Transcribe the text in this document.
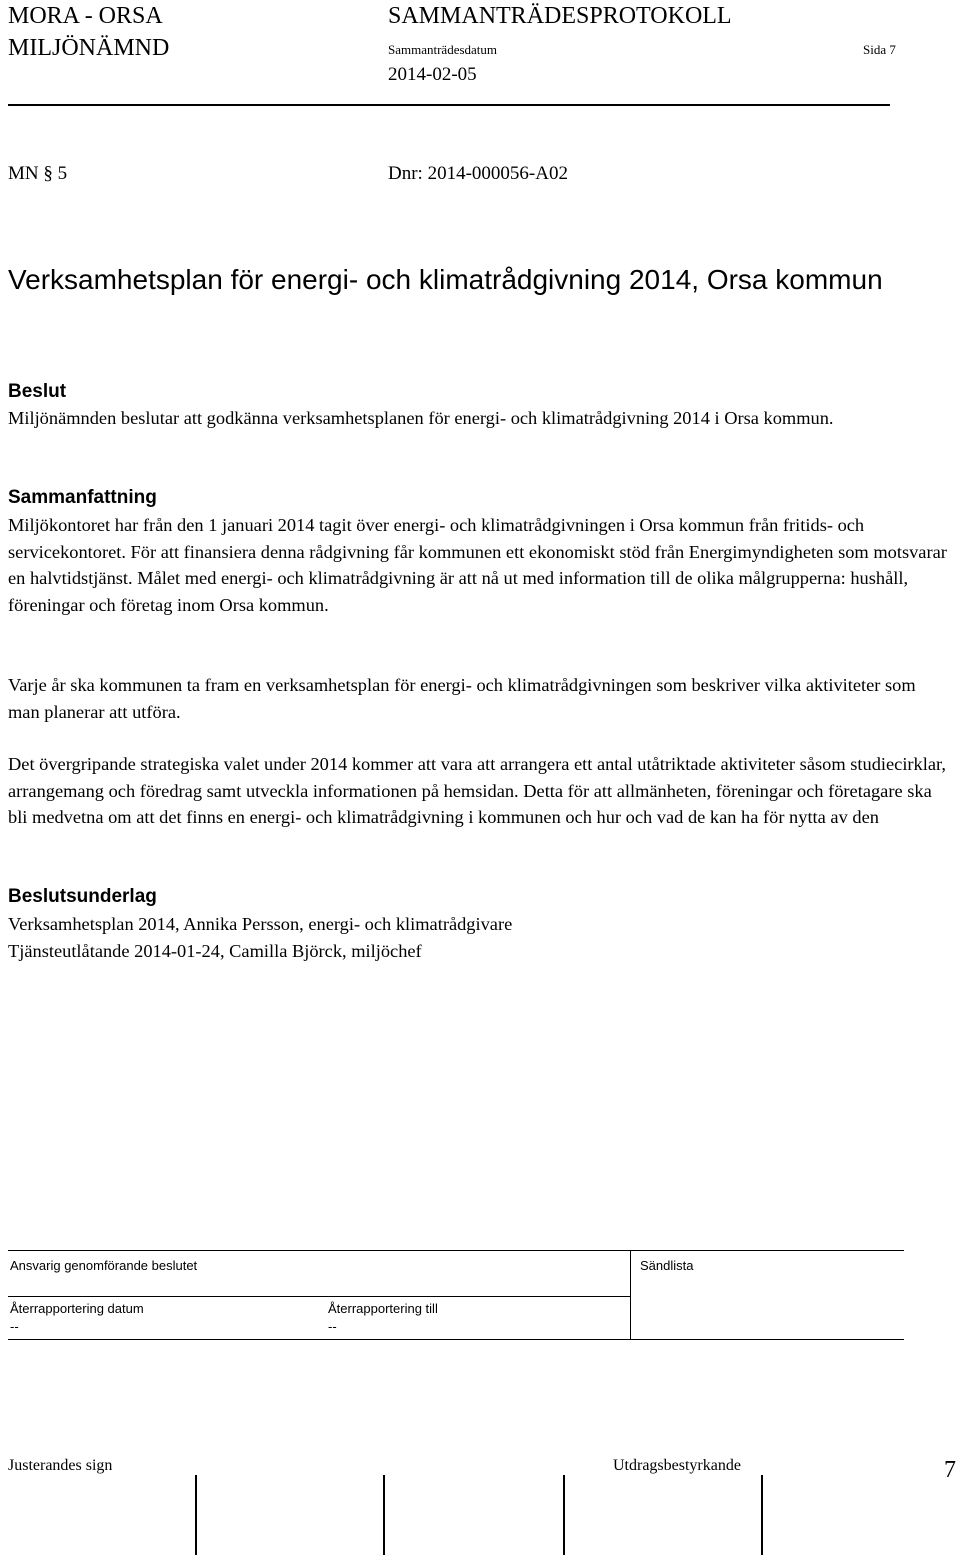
MORA - ORSA
MILJÖNÄMND
SAMMANTRÄDESPROTOKOLL
Sammanträdesdatum
2014-02-05
Sida 7
MN § 5	Dnr: 2014-000056-A02
Verksamhetsplan för energi- och klimatrådgivning 2014, Orsa kommun
Beslut
Miljönämnden beslutar att godkänna verksamhetsplanen för energi- och klimatrådgivning 2014 i Orsa kommun.
Sammanfattning
Miljökontoret har från den 1 januari 2014 tagit över energi- och klimatrådgivningen i Orsa kommun från fritids- och servicekontoret. För att finansiera denna rådgivning får kommunen ett ekonomiskt stöd från Energimyndigheten som motsvarar en halvtidstjänst. Målet med energi- och klimatrådgivning är att nå ut med information till de olika målgrupperna: hushåll, föreningar och företag inom Orsa kommun.
Varje år ska kommunen ta fram en verksamhetsplan för energi- och klimatrådgivningen som beskriver vilka aktiviteter som man planerar att utföra.
Det övergripande strategiska valet under 2014 kommer att vara att arrangera ett antal utåtriktade aktiviteter såsom studiecirklar, arrangemang och föredrag samt utveckla informationen på hemsidan. Detta för att allmänheten, föreningar och företagare ska bli medvetna om att det finns en energi- och klimatrådgivning i kommunen och hur och vad de kan ha för nytta av den
Beslutsunderlag
Verksamhetsplan 2014, Annika Persson, energi- och klimatrådgivare
Tjänsteutlåtande 2014-01-24, Camilla Björck, miljöchef
Ansvarig genomförande beslutet	Sändlista
Återrapportering datum
--
Återrapportering till
--
Justerandes sign	Utdragsbestyrkande	7
